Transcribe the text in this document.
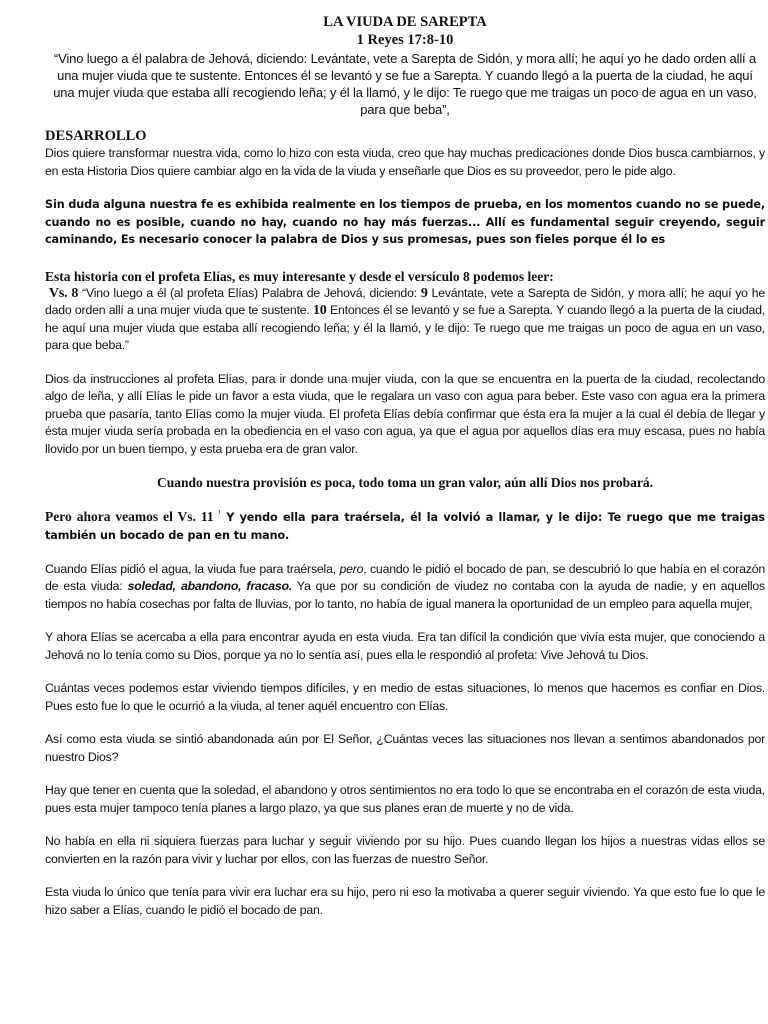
LA VIUDA DE SAREPTA
1 Reyes 17:8-10

“Vino luego a él palabra de Jehová, diciendo: Levántate, vete a Sarepta de Sidón, y mora allí; he aquí yo he dado orden allí a una mujer viuda que te sustente. Entonces él se levantó y se fue a Sarepta. Y cuando llegó a la puerta de la ciudad, he aquí una mujer viuda que estaba allí recogiendo leña; y él la llamó, y le dijo: Te ruego que me traigas un poco de agua en un vaso, para que beba”,

DESARROLLO

Dios quiere transformar nuestra vida, como lo hizo con esta viuda, creo que hay muchas predicaciones donde Dios busca cambiarnos, y en esta Historia Dios quiere cambiar algo en la vida de la viuda y enseñarle que Dios es su proveedor, pero le pide algo.

Sin duda alguna nuestra fe es exhibida realmente en los tiempos de prueba, en los momentos cuando no se puede, cuando no es posible, cuando no hay, cuando no hay más fuerzas... Allí es fundamental seguir creyendo, seguir caminando, Es necesario conocer la palabra de Dios y sus promesas, pues son fieles porque él lo es

Esta historia con el profeta Elías, es muy interesante y desde el versículo 8 podemos leer:

Vs. 8 “Vino luego a él (al profeta Elías) Palabra de Jehová, diciendo: 9 Levántate, vete a Sarepta de Sidón, y mora allí; he aquí yo he dado orden allí a una mujer viuda que te sustente. 10 Entonces él se levantó y se fue a Sarepta. Y cuando llegó a la puerta de la ciudad, he aquí una mujer viuda que estaba allí recogiendo leña; y él la llamó, y le dijo: Te ruego que me traigas un poco de agua en un vaso, para que beba.”

Dios da instrucciones al profeta Elías, para ir donde una mujer viuda, con la que se encuentra en la puerta de la ciudad, recolectando algo de leña, y allí Elías le pide un favor a esta viuda, que le regalara un vaso con agua para beber. Este vaso con agua era la primera prueba que pasaría, tanto Elías como la mujer viuda. El profeta Elías debía confirmar que ésta era la mujer a la cual él debía de llegar y ésta mujer viuda sería probada en la obediencia en el vaso con agua, ya que el agua por aquellos días era muy escasa, pues no había llovido por un buen tiempo, y esta prueba era de gran valor.

Cuando nuestra provisión es poca, todo toma un gran valor, aún allí Dios nos probará.

Pero ahora veamos el Vs. 11 $^{^1}$ Y yendo ella para traérsela, él la volvió a llamar, y le dijo: Te ruego que me traigas también un bocado de pan en tu mano.

Cuando Elías pidió el agua, la viuda fue para traérsela, pero, cuando le pidió el bocado de pan, se descubrió lo que había en el corazón de esta viuda: soledad, abandono, fracaso. Ya que por su condición de viudez no contaba con la ayuda de nadie, y en aquellos tiempos no había cosechas por falta de lluvias, por lo tanto, no había de igual manera la oportunidad de un empleo para aquella mujer,

Y ahora Elías se acercaba a ella para encontrar ayuda en esta viuda. Era tan difícil la condición que vivía esta mujer, que conociendo a Jehová no lo tenía como su Dios, porque ya no lo sentía así, pues ella le respondió al profeta: Vive Jehová tu Dios.

Cuántas veces podemos estar viviendo tiempos difíciles, y en medio de estas situaciones, lo menos que hacemos es confiar en Dios. Pues esto fue lo que le ocurrió a la viuda, al tener aquél encuentro con Elías.

Así como esta viuda se sintió abandonada aún por El Señor, ¿Cuántas veces las situaciones nos llevan a sentimos abandonados por nuestro Dios?

Hay que tener en cuenta que la soledad, el abandono y otros sentimientos no era todo lo que se encontraba en el corazón de esta viuda, pues esta mujer tampoco tenía planes a largo plazo, ya que sus planes eran de muerte y no de vida.

No había en ella ni siquiera fuerzas para luchar y seguir viviendo por su hijo. Pues cuando llegan los hijos a nuestras vidas ellos se convierten en la razón para vivir y luchar por ellos, con las fuerzas de nuestro Señor.

Esta viuda lo único que tenía para vivir era luchar era su hijo, pero ni eso la motivaba a querer seguir viviendo. Ya que esto fue lo que le hizo saber a Elías, cuando le pidió el bocado de pan.
